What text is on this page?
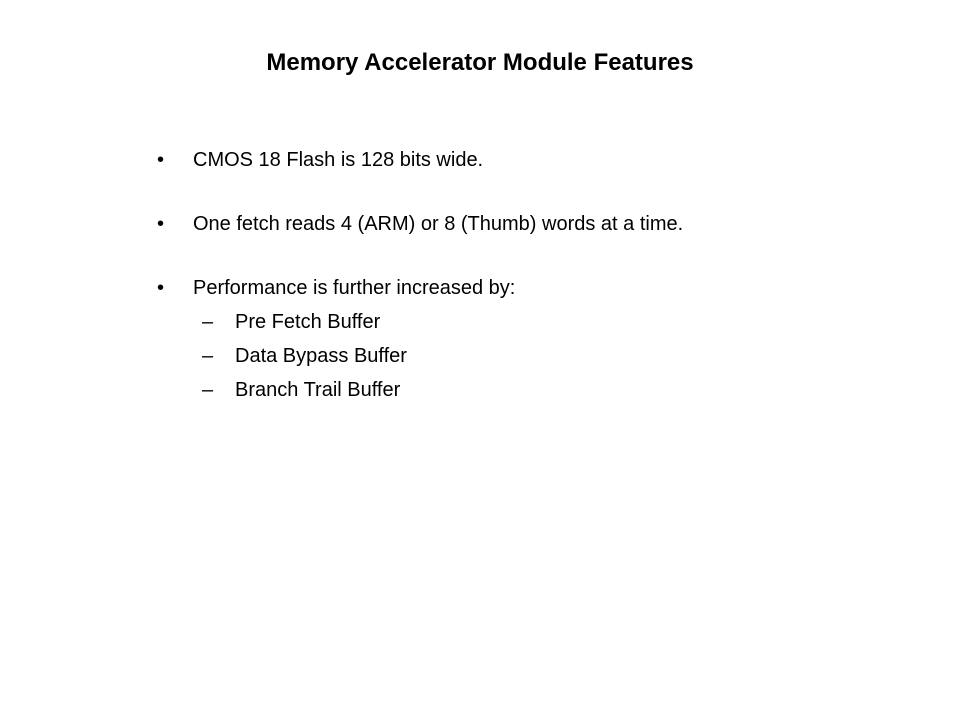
Memory Accelerator Module Features
• CMOS 18 Flash is 128 bits wide.
• One fetch reads 4 (ARM) or 8 (Thumb) words at a time.
• Performance is further increased by:
– Pre Fetch Buffer
– Data Bypass Buffer
– Branch Trail Buffer
